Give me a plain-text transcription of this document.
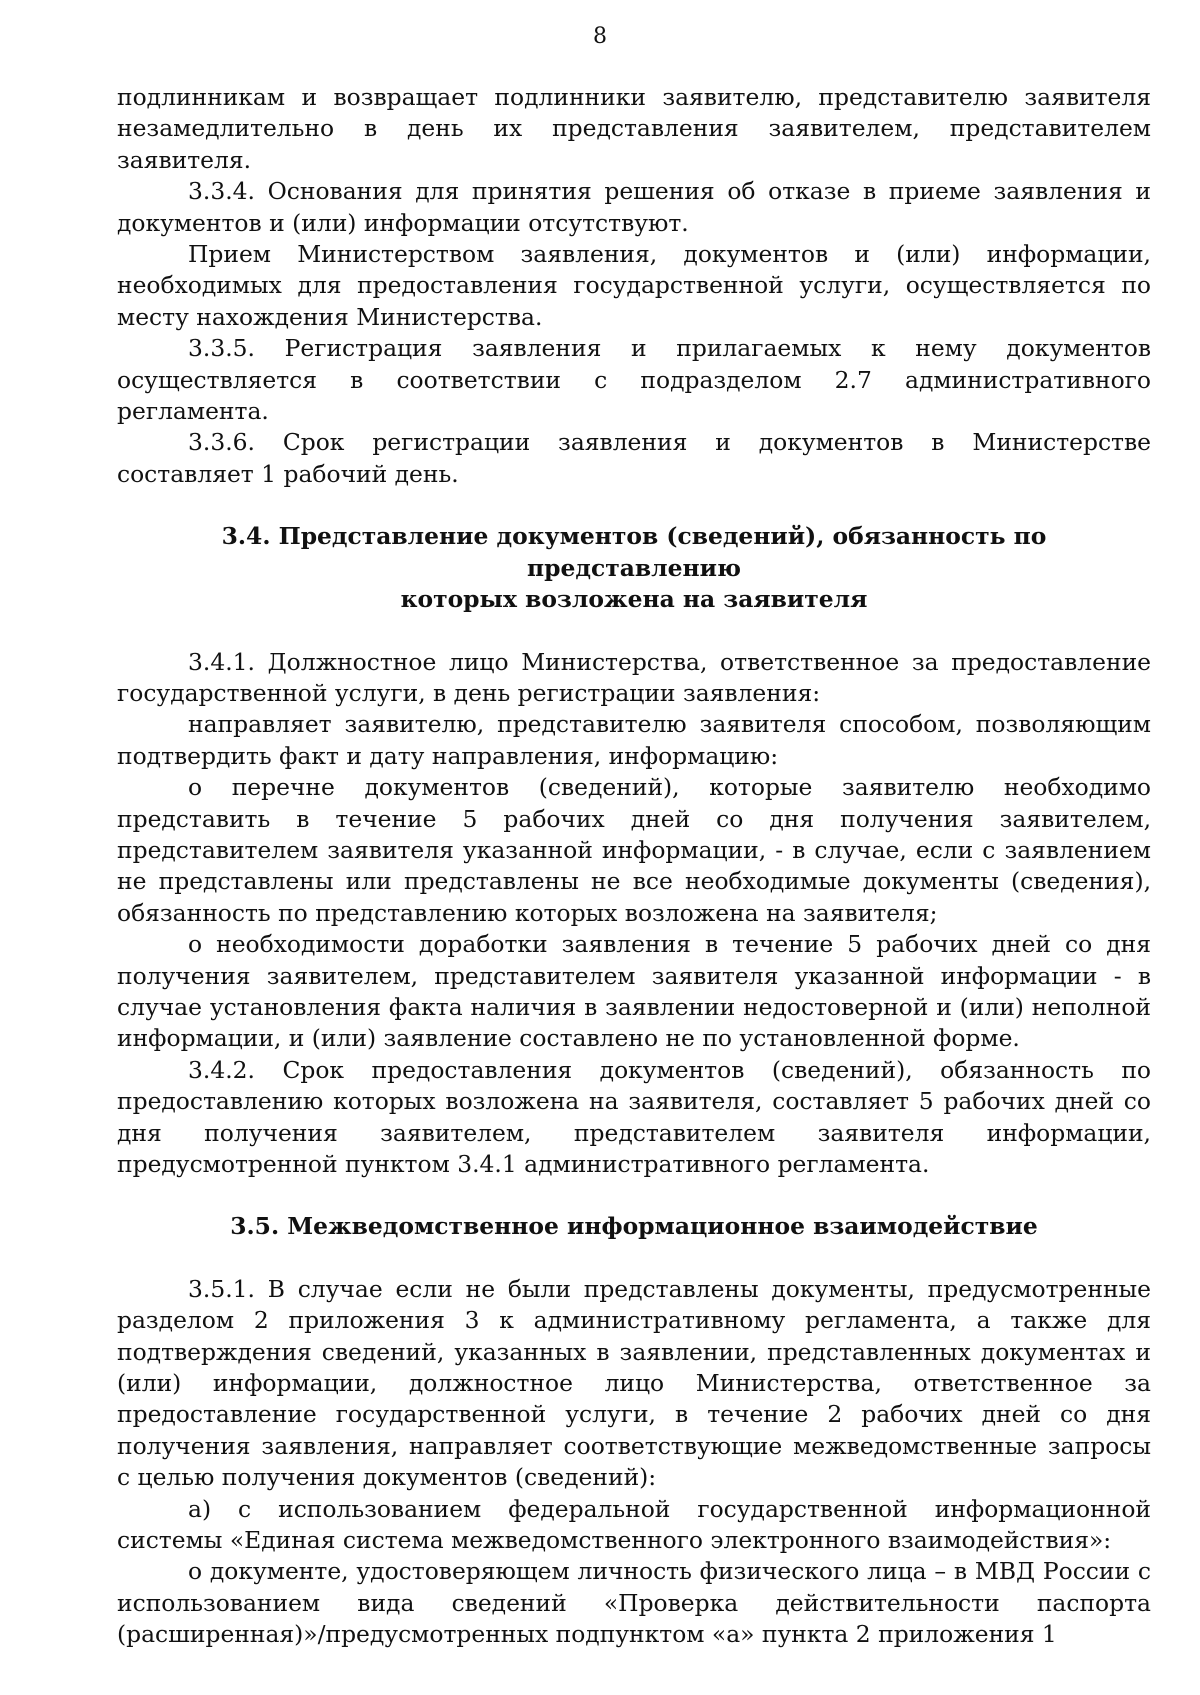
8

подлинникам и возвращает подлинники заявителю, представителю заявителя незамедлительно в день их представления заявителем, представителем заявителя.

3.3.4. Основания для принятия решения об отказе в приеме заявления и документов и (или) информации отсутствуют.

Прием Министерством заявления, документов и (или) информации, необходимых для предоставления государственной услуги, осуществляется по месту нахождения Министерства.

3.3.5. Регистрация заявления и прилагаемых к нему документов осуществляется в соответствии с подразделом 2.7 административного регламента.

3.3.6. Срок регистрации заявления и документов в Министерстве составляет 1 рабочий день.

3.4. Представление документов (сведений), обязанность по представлению
которых возложена на заявителя

3.4.1. Должностное лицо Министерства, ответственное за предоставление государственной услуги, в день регистрации заявления:

направляет заявителю, представителю заявителя способом, позволяющим подтвердить факт и дату направления, информацию:

о перечне документов (сведений), которые заявителю необходимо представить в течение 5 рабочих дней со дня получения заявителем, представителем заявителя указанной информации, - в случае, если с заявлением не представлены или представлены не все необходимые документы (сведения), обязанность по представлению которых возложена на заявителя;

о необходимости доработки заявления в течение 5 рабочих дней со дня получения заявителем, представителем заявителя указанной информации - в случае установления факта наличия в заявлении недостоверной и (или) неполной информации, и (или) заявление составлено не по установленной форме.

3.4.2. Срок предоставления документов (сведений), обязанность по предоставлению которых возложена на заявителя, составляет 5 рабочих дней со дня получения заявителем, представителем заявителя информации, предусмотренной пунктом 3.4.1 административного регламента.

3.5. Межведомственное информационное взаимодействие

3.5.1. В случае если не были представлены документы, предусмотренные разделом 2 приложения 3 к административному регламента, а также для подтверждения сведений, указанных в заявлении, представленных документах и (или) информации, должностное лицо Министерства, ответственное за предоставление государственной услуги, в течение 2 рабочих дней со дня получения заявления, направляет соответствующие межведомственные запросы с целью получения документов (сведений):

а) с использованием федеральной государственной информационной системы «Единая система межведомственного электронного взаимодействия»:

о документе, удостоверяющем личность физического лица – в МВД России с использованием вида сведений «Проверка действительности паспорта (расширенная)»/предусмотренных подпунктом «а» пункта 2 приложения 1
